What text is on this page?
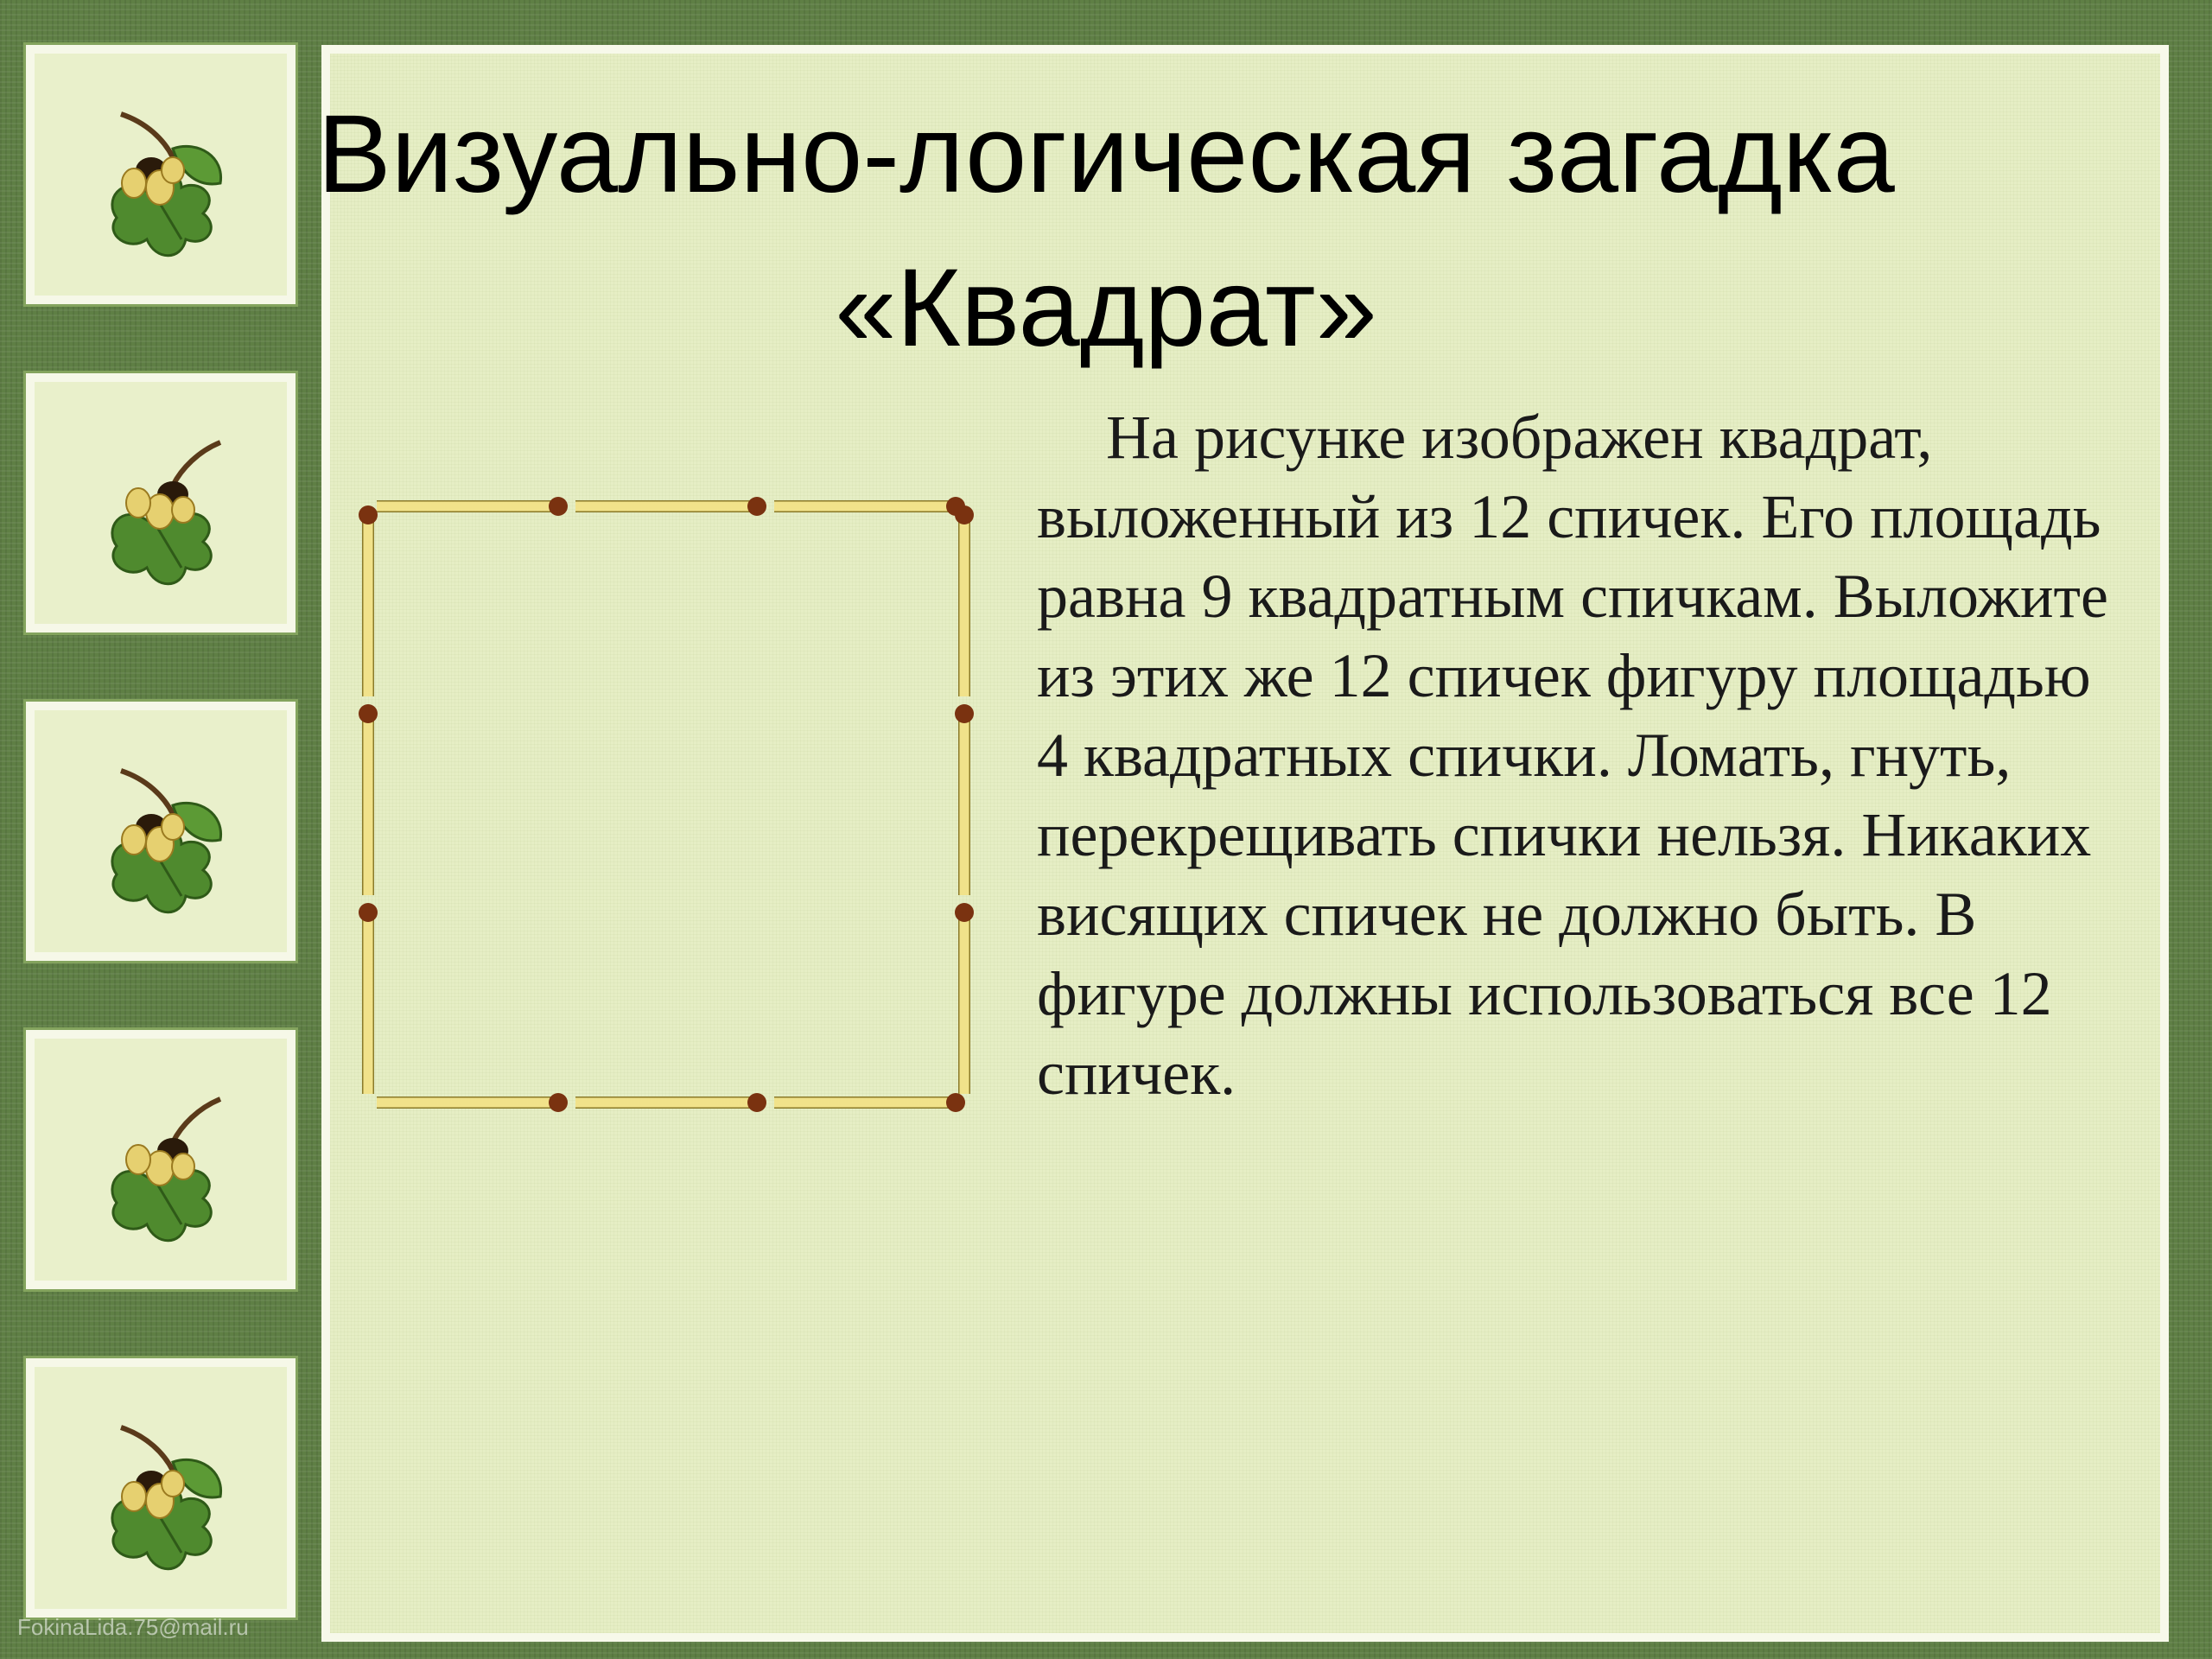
Визуально-логическая загадка
«Квадрат»

На рисунке изображен квадрат, выложенный из 12 спичек. Его площадь равна 9 квадратным спичкам. Выложите из этих же 12 спичек фигуру площадью 4 квадратных спички. Ломать, гнуть, перекрещивать спички нельзя. Никаких висящих спичек не должно быть. В фигуре должны использоваться все 12 спичек.

FokinaLida.75@mail.ru
